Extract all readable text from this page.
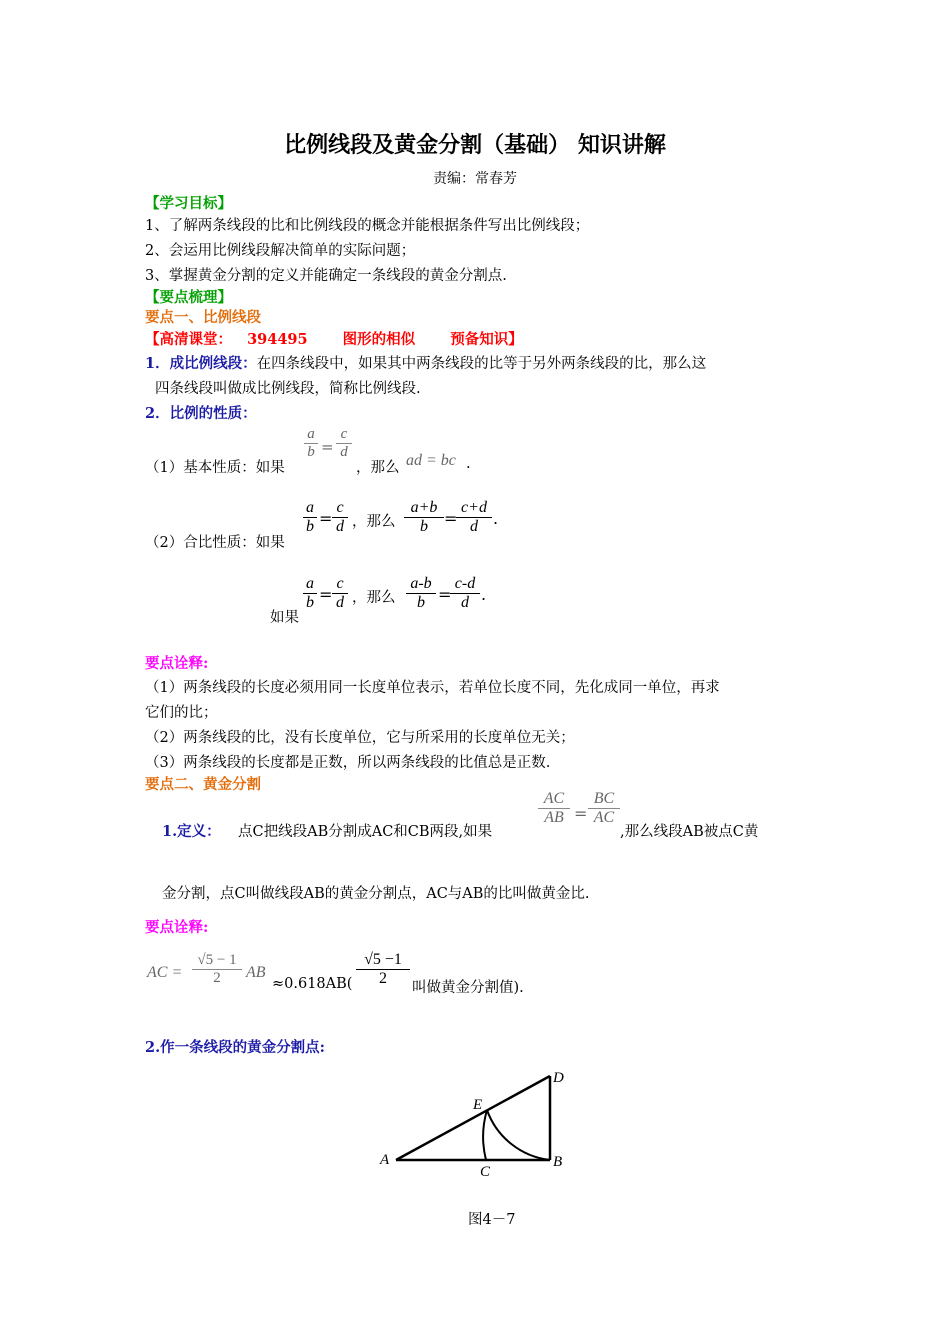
比例线段及黄金分割（基础） 知识讲解
责编：常春芳
【学习目标】
1、了解两条线段的比和比例线段的概念并能根据条件写出比例线段；
2、会运用比例线段解决简单的实际问题；
3、掌握黄金分割的定义并能确定一条线段的黄金分割点.
【要点梳理】
要点一、比例线段
【高清课堂： 394495 图形的相似 预备知识】
1．成比例线段：在四条线段中，如果其中两条线段的比等于另外两条线段的比，那么这
四条线段叫做成比例线段，简称比例线段.
2．比例的性质：
（1）基本性质：如果
a
b =
c
d
，那么 ad = bc .
（2）合比性质：如果
a
b =
c
d ，那么
a+b
b	=
c+d
d .
如果
a
b =
c
d ，那么
a-b
b =
c-d
d .
要点诠释:
（1）两条线段的长度必须用同一长度单位表示，若单位长度不同，先化成同一单位，再求
它们的比；
（2）两条线段的比，没有长度单位，它与所采用的长度单位无关；
（3）两条线段的长度都是正数，所以两条线段的比值总是正数.
要点二、黄金分割
1.定义： 点C把线段AB分割成AC和CB两段,如果
AC
AB =
BC
AC
,那么线段AB被点C黄
金分割，点C叫做线段AB的黄金分割点，AC与AB的比叫做黄金比.
要点诠释:
AC =
√5 − 1
2	AB
≈0.618AB(
√5 −1
2
叫做黄金分割值).
2.作一条线段的黄金分割点:
A	B
C
D
E
图4－7
